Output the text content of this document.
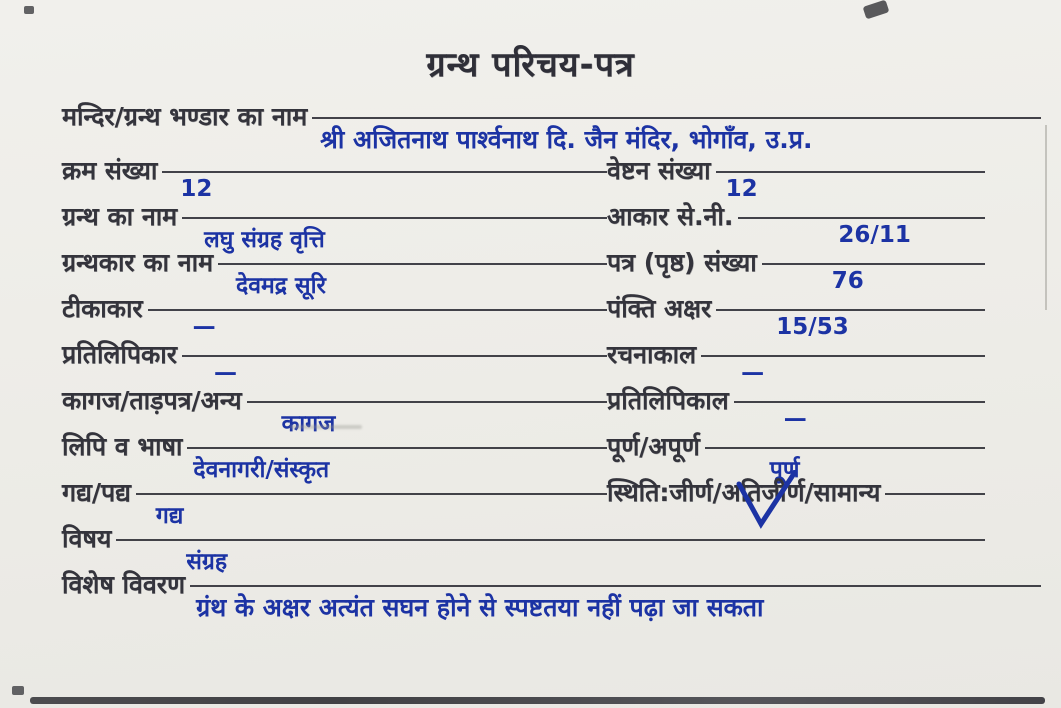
ग्रन्थ परिचय-पत्र
मन्दिर/ग्रन्थ भण्डार का नाम
श्री अजितनाथ पार्श्वनाथ दि. जैन मंदिर, भोगाँव, उ.प्र.
क्रम संख्या
12
वेष्टन संख्या
12
ग्रन्थ का नाम
लघु संग्रह वृत्ति
आकार से.नी.
26/11
ग्रन्थकार का नाम
देवमद्र सूरि
पत्र (पृष्ठ) संख्या
76
टीकाकार
—
पंक्ति अक्षर
15/53
प्रतिलिपिकार
—
रचनाकाल
—
कागज/ताड़पत्र/अन्य
कागज
प्रतिलिपिकाल
—
लिपि व भाषा
देवनागरी/संस्कृत
पूर्ण/अपूर्ण
पूर्ण
गद्य/पद्य
गद्य
स्थिति:जीर्ण/अतिजीर्ण/सामान्य
विषय
संग्रह
विशेष विवरण
ग्रंथ के अक्षर अत्यंत सघन होने से स्पष्टतया नहीं पढ़ा जा सकता
